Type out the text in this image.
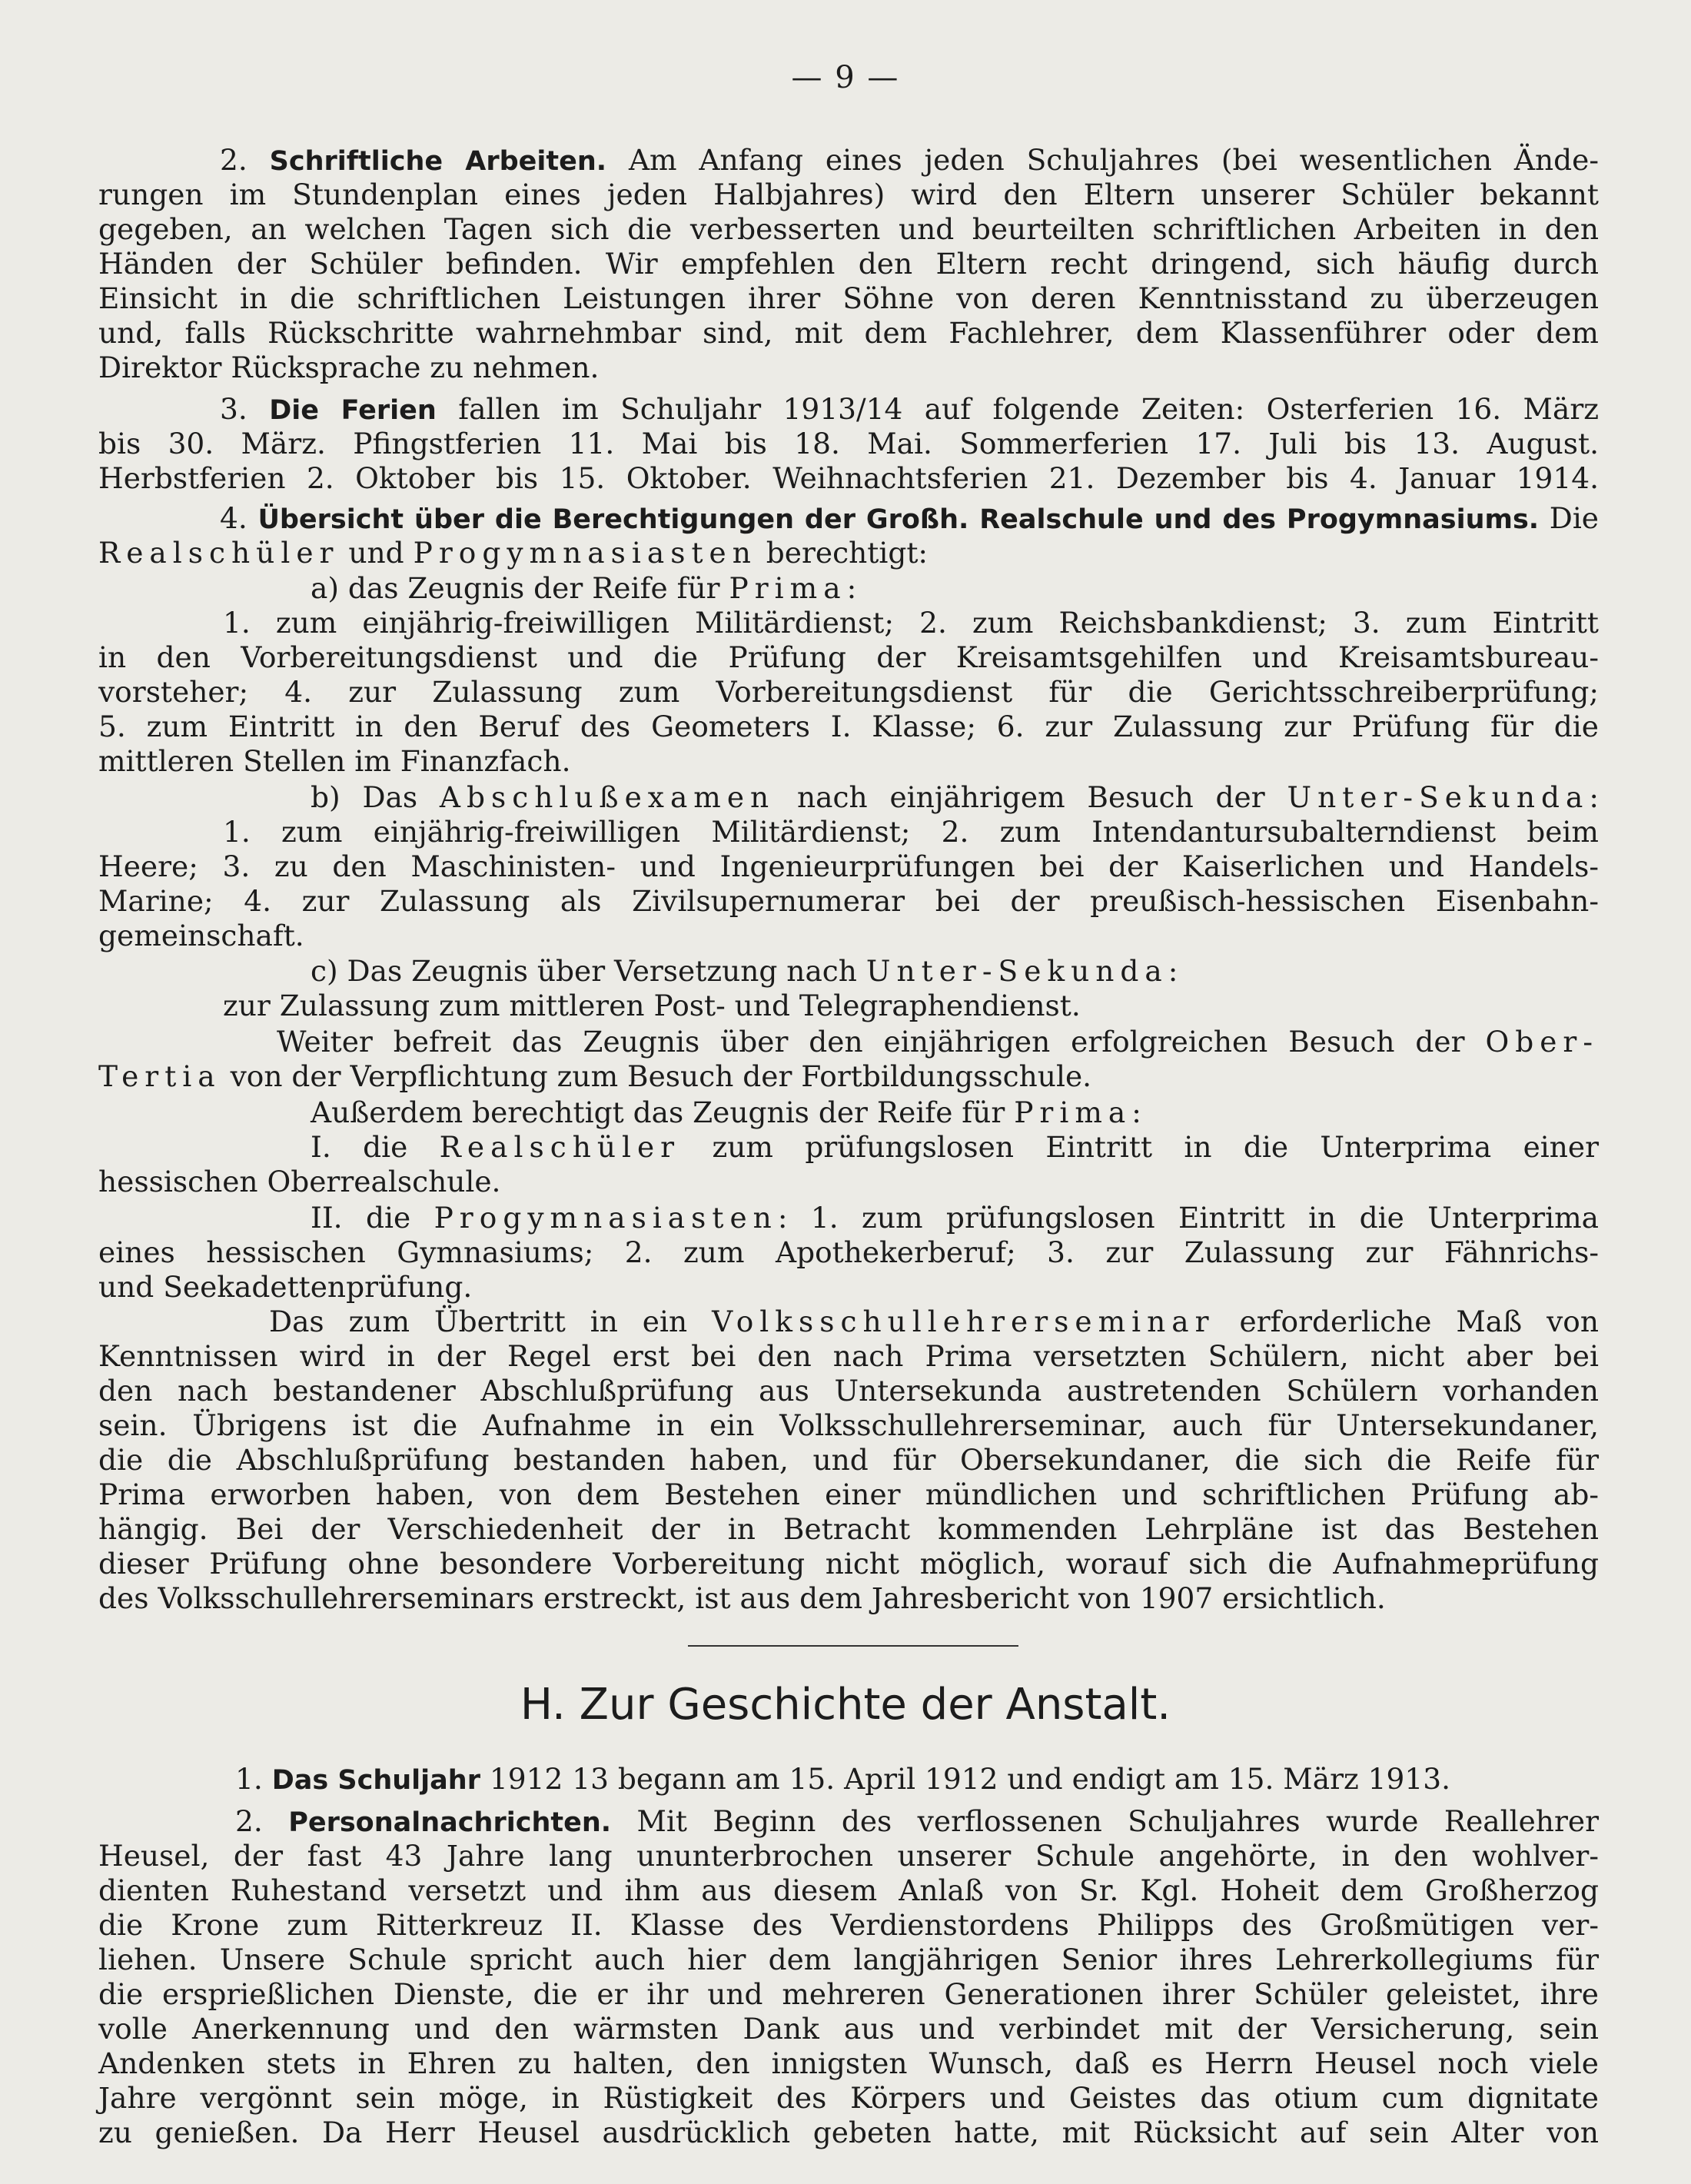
— 9 —
2. Schriftliche Arbeiten. Am Anfang eines jeden Schuljahres (bei wesentlichen Ände-
rungen im Stundenplan eines jeden Halbjahres) wird den Eltern unserer Schüler bekannt
gegeben, an welchen Tagen sich die verbesserten und beurteilten schriftlichen Arbeiten in den
Händen der Schüler befinden. Wir empfehlen den Eltern recht dringend, sich häufig durch
Einsicht in die schriftlichen Leistungen ihrer Söhne von deren Kenntnisstand zu überzeugen
und, falls Rückschritte wahrnehmbar sind, mit dem Fachlehrer, dem Klassenführer oder dem
Direktor Rücksprache zu nehmen.
3. Die Ferien fallen im Schuljahr 1913/14 auf folgende Zeiten: Osterferien 16. März
bis 30. März. Pfingstferien 11. Mai bis 18. Mai. Sommerferien 17. Juli bis 13. August.
Herbstferien 2. Oktober bis 15. Oktober. Weihnachtsferien 21. Dezember bis 4. Januar 1914.
4. Übersicht über die Berechtigungen der Großh. Realschule und des Progymnasiums. Die
Realschüler und Progymnasiasten berechtigt:
a) das Zeugnis der Reife für Prima:
1. zum einjährig-freiwilligen Militärdienst; 2. zum Reichsbankdienst; 3. zum Eintritt
in den Vorbereitungsdienst und die Prüfung der Kreisamtsgehilfen und Kreisamtsbureau-
vorsteher; 4. zur Zulassung zum Vorbereitungsdienst für die Gerichtsschreiberprüfung;
5. zum Eintritt in den Beruf des Geometers I. Klasse; 6. zur Zulassung zur Prüfung für die
mittleren Stellen im Finanzfach.
b) Das Abschlußexamen nach einjährigem Besuch der Unter-Sekunda:
1. zum einjährig-freiwilligen Militärdienst; 2. zum Intendantursubalterndienst beim
Heere; 3. zu den Maschinisten- und Ingenieurprüfungen bei der Kaiserlichen und Handels-
Marine; 4. zur Zulassung als Zivilsupernumerar bei der preußisch-hessischen Eisenbahn-
gemeinschaft.
c) Das Zeugnis über Versetzung nach Unter-Sekunda:
zur Zulassung zum mittleren Post- und Telegraphendienst.
Weiter befreit das Zeugnis über den einjährigen erfolgreichen Besuch der Ober-
Tertia von der Verpflichtung zum Besuch der Fortbildungsschule.
Außerdem berechtigt das Zeugnis der Reife für Prima:
I. die Realschüler zum prüfungslosen Eintritt in die Unterprima einer
hessischen Oberrealschule.
II. die Progymnasiasten: 1. zum prüfungslosen Eintritt in die Unterprima
eines hessischen Gymnasiums; 2. zum Apothekerberuf; 3. zur Zulassung zur Fähnrichs-
und Seekadettenprüfung.
Das zum Übertritt in ein Volksschullehrerseminar erforderliche Maß von
Kenntnissen wird in der Regel erst bei den nach Prima versetzten Schülern, nicht aber bei
den nach bestandener Abschlußprüfung aus Untersekunda austretenden Schülern vorhanden
sein. Übrigens ist die Aufnahme in ein Volksschullehrerseminar, auch für Untersekundaner,
die die Abschlußprüfung bestanden haben, und für Obersekundaner, die sich die Reife für
Prima erworben haben, von dem Bestehen einer mündlichen und schriftlichen Prüfung ab-
hängig. Bei der Verschiedenheit der in Betracht kommenden Lehrpläne ist das Bestehen
dieser Prüfung ohne besondere Vorbereitung nicht möglich, worauf sich die Aufnahmeprüfung
des Volksschullehrerseminars erstreckt, ist aus dem Jahresbericht von 1907 ersichtlich.
H. Zur Geschichte der Anstalt.
1. Das Schuljahr 1912 13 begann am 15. April 1912 und endigt am 15. März 1913.
2. Personalnachrichten. Mit Beginn des verflossenen Schuljahres wurde Reallehrer
Heusel, der fast 43 Jahre lang ununterbrochen unserer Schule angehörte, in den wohlver-
dienten Ruhestand versetzt und ihm aus diesem Anlaß von Sr. Kgl. Hoheit dem Großherzog
die Krone zum Ritterkreuz II. Klasse des Verdienstordens Philipps des Großmütigen ver-
liehen. Unsere Schule spricht auch hier dem langjährigen Senior ihres Lehrerkollegiums für
die ersprießlichen Dienste, die er ihr und mehreren Generationen ihrer Schüler geleistet, ihre
volle Anerkennung und den wärmsten Dank aus und verbindet mit der Versicherung, sein
Andenken stets in Ehren zu halten, den innigsten Wunsch, daß es Herrn Heusel noch viele
Jahre vergönnt sein möge, in Rüstigkeit des Körpers und Geistes das otium cum dignitate
zu genießen. Da Herr Heusel ausdrücklich gebeten hatte, mit Rücksicht auf sein Alter von
